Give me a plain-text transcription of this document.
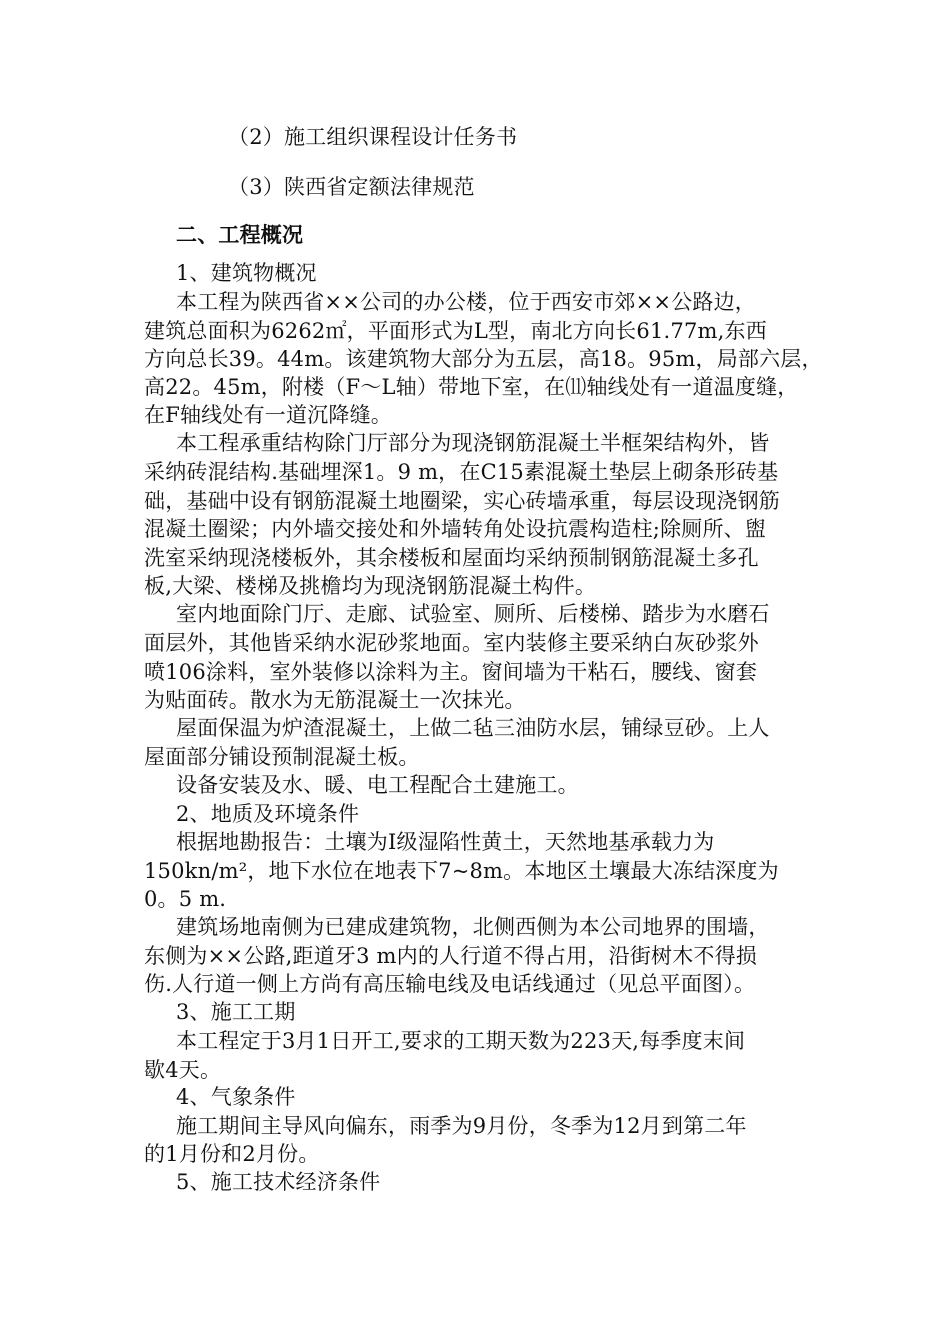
（2）施工组织课程设计任务书
（3）陕西省定额法律规范
二、工程概况
1、建筑物概况
本工程为陕西省××公司的办公楼，位于西安市郊××公路边，
建筑总面积为6262㎡，平面形式为L型，南北方向长61.77m,东西
方向总长39。44m。该建筑物大部分为五层，高18。95m，局部六层，
高22。45m，附楼（F～L轴）带地下室，在⑾轴线处有一道温度缝，
在F轴线处有一道沉降缝。
本工程承重结构除门厅部分为现浇钢筋混凝土半框架结构外，皆
采纳砖混结构.基础埋深1。9 m，在C15素混凝土垫层上砌条形砖基
础，基础中设有钢筋混凝土地圈梁，实心砖墙承重，每层设现浇钢筋
混凝土圈梁；内外墙交接处和外墙转角处设抗震构造柱;除厕所、盥
洗室采纳现浇楼板外，其余楼板和屋面均采纳预制钢筋混凝土多孔
板,大梁、楼梯及挑檐均为现浇钢筋混凝土构件。
室内地面除门厅、走廊、试验室、厕所、后楼梯、踏步为水磨石
面层外，其他皆采纳水泥砂浆地面。室内装修主要采纳白灰砂浆外
喷106涂料，室外装修以涂料为主。窗间墙为干粘石，腰线、窗套
为贴面砖。散水为无筋混凝土一次抹光。
屋面保温为炉渣混凝土，上做二毡三油防水层，铺绿豆砂。上人
屋面部分铺设预制混凝土板。
设备安装及水、暖、电工程配合土建施工。
2、地质及环境条件
根据地勘报告：土壤为Ⅰ级湿陷性黄土，天然地基承载力为
150kn/m²，地下水位在地表下7~8m。本地区土壤最大冻结深度为
0。5 m.
建筑场地南侧为已建成建筑物，北侧西侧为本公司地界的围墙，
东侧为××公路,距道牙3 m内的人行道不得占用，沿街树木不得损
伤.人行道一侧上方尚有高压输电线及电话线通过（见总平面图）。
3、施工工期
本工程定于3月1日开工,要求的工期天数为223天,每季度末间
歇4天。
4、气象条件
施工期间主导风向偏东，雨季为9月份，冬季为12月到第二年
的1月份和2月份。
5、施工技术经济条件
